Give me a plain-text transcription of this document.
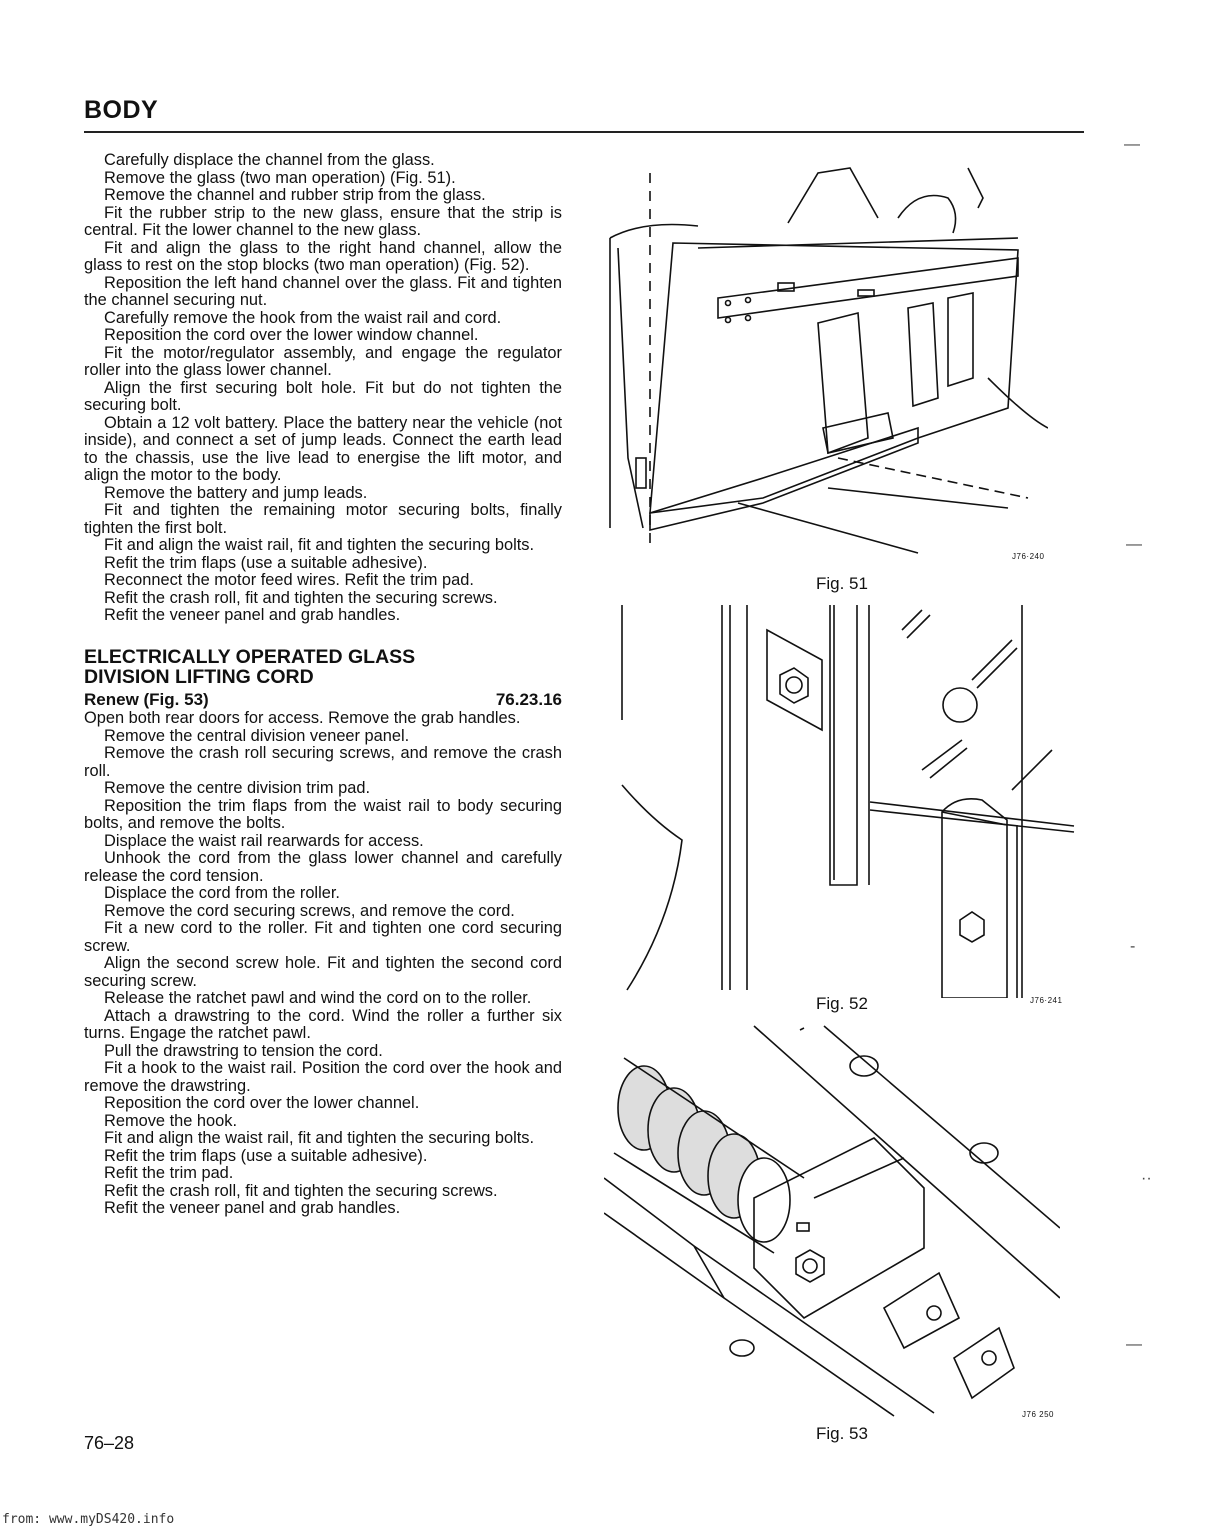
BODY
—
—
‐
··
—

Carefully displace the channel from the glass.

Remove the glass (two man operation) (Fig. 51).

Remove the channel and rubber strip from the glass.

Fit the rubber strip to the new glass, ensure that the strip is central. Fit the lower channel to the new glass.

Fit and align the glass to the right hand channel, allow the glass to rest on the stop blocks (two man operation) (Fig. 52).

Reposition the left hand channel over the glass. Fit and tighten the channel securing nut.

Carefully remove the hook from the waist rail and cord.

Reposition the cord over the lower window channel.

Fit the motor/regulator assembly, and engage the regulator roller into the glass lower channel.

Align the first securing bolt hole. Fit but do not tighten the securing bolt.

Obtain a 12 volt battery. Place the battery near the vehicle (not inside), and connect a set of jump leads. Connect the earth lead to the chassis, use the live lead to energise the lift motor, and align the motor to the body.

Remove the battery and jump leads.

Fit and tighten the remaining motor securing bolts, finally tighten the first bolt.

Fit and align the waist rail, fit and tighten the securing bolts.

Refit the trim flaps (use a suitable adhesive).

Reconnect the motor feed wires. Refit the trim pad.

Refit the crash roll, fit and tighten the securing screws.

Refit the veneer panel and grab handles.

ELECTRICALLY OPERATED GLASS
DIVISION LIFTING CORD
Renew (Fig. 53)	76.23.16

Open both rear doors for access. Remove the grab handles.

Remove the central division veneer panel.

Remove the crash roll securing screws, and remove the crash roll.

Remove the centre division trim pad.

Reposition the trim flaps from the waist rail to body securing bolts, and remove the bolts.

Displace the waist rail rearwards for access.

Unhook the cord from the glass lower channel and carefully release the cord tension.

Displace the cord from the roller.

Remove the cord securing screws, and remove the cord.

Fit a new cord to the roller. Fit and tighten one cord securing screw.

Align the second screw hole. Fit and tighten the second cord securing screw.

Release the ratchet pawl and wind the cord on to the roller.

Attach a drawstring to the cord. Wind the roller a further six turns. Engage the ratchet pawl.

Pull the drawstring to tension the cord.

Fit a hook to the waist rail. Position the cord over the hook and remove the drawstring.

Reposition the cord over the lower channel.

Remove the hook.

Fit and align the waist rail, fit and tighten the securing bolts.

Refit the trim flaps (use a suitable adhesive).

Refit the trim pad.

Refit the crash roll, fit and tighten the securing screws.

Refit the veneer panel and grab handles.

Fig. 51
J76·240
Fig. 52	J76·241
Fig. 53
J76 250
76–28
from: www.myDS420.info
